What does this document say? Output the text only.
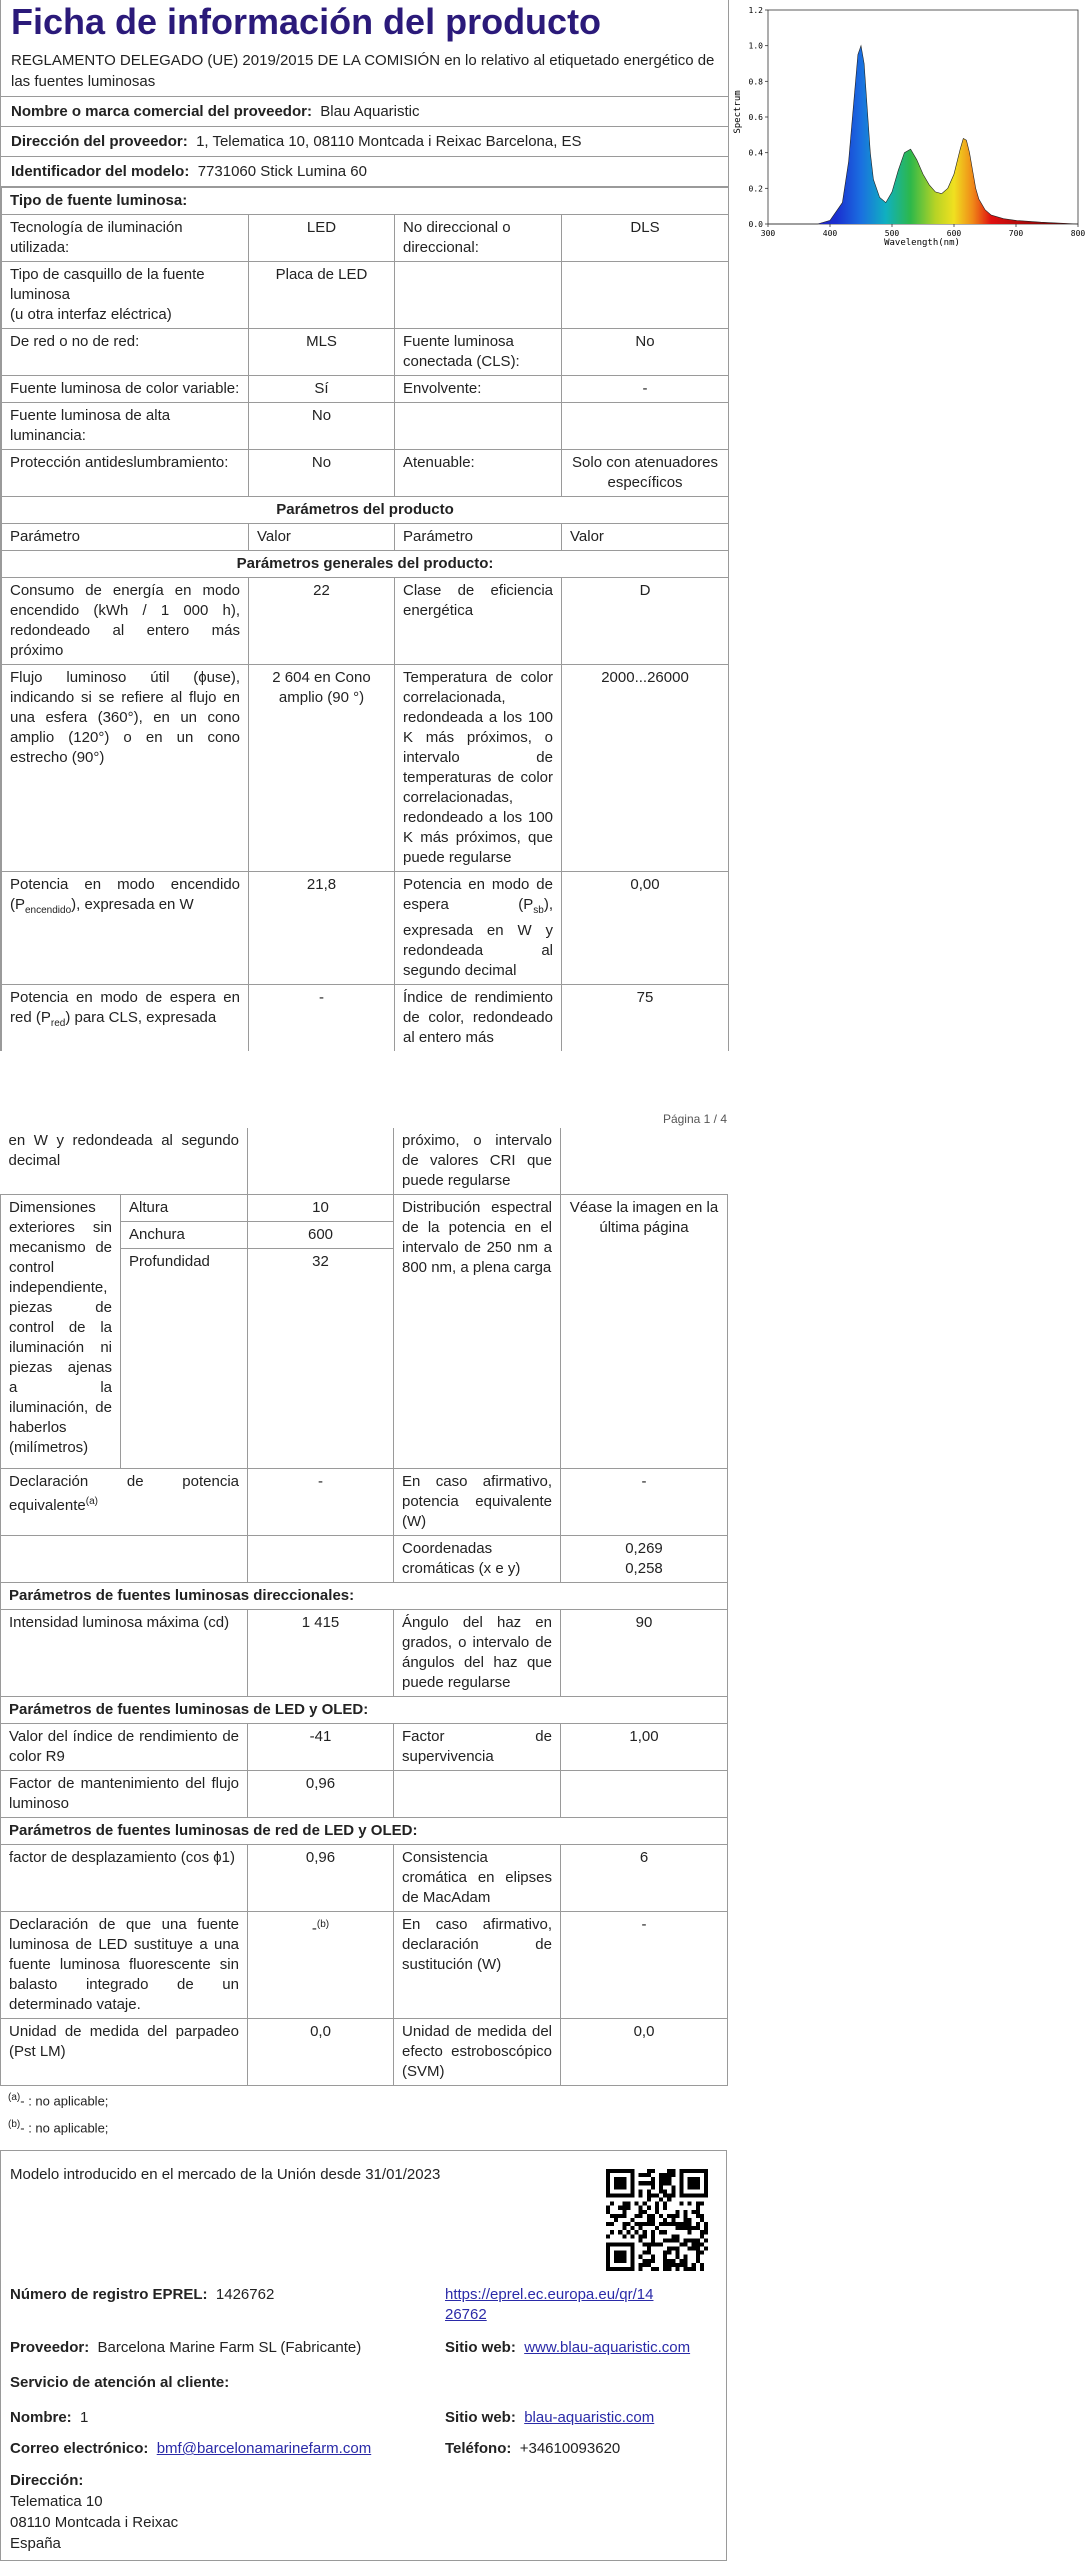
Ficha de información del producto
REGLAMENTO DELEGADO (UE) 2019/2015 DE LA COMISIÓN en lo relativo al etiquetado energético de las fuentes luminosas
Nombre o marca comercial del proveedor: Blau Aquaristic
Dirección del proveedor: 1, Telematica 10, 08110 Montcada i Reixac Barcelona, ES
Identificador del modelo: 7731060 Stick Lumina 60
Tipo de fuente luminosa:			
Tecnología de iluminación utilizada:	LED	No direccional o direccional:	DLS
Tipo de casquillo de la fuente luminosa
(u otra interfaz eléctrica)	Placa de LED		
De red o no de red:	MLS	Fuente luminosa conectada (CLS):	No
Fuente luminosa de color variable:	Sí	Envolvente:	-
Fuente luminosa de alta luminancia:	No		
Protección antideslumbramiento:	No	Atenuable:	Solo con atenuadores específicos
Parámetros del producto			
Parámetro	Valor	Parámetro	Valor
Parámetros generales del producto:			
Consumo de energía en modo encendido (kWh / 1 000 h), redondeado al entero más próximo	22	Clase de eficiencia energética	D
Flujo luminoso útil (ϕuse), indicando si se refiere al flujo en una esfera (360°), en un cono amplio (120°) o en un cono estrecho (90°)	2 604 en Cono amplio (90 °)	Temperatura de color correlacionada, redondeada a los 100 K más próximos, o intervalo de temperaturas de color correlacionadas, redondeado a los 100 K más próximos, que puede regularse	2000...26000
Potencia en modo encendido $(P_{encendido})$, expresada en W	21,8	Potencia en modo de espera $(P_{sb})$, expresada en W y redondeada al segundo decimal	0,00
Potencia en modo de espera en red $(P_{red})$ para CLS, expresada	-	Índice de rendimiento de color, redondeado al entero más	75
Página 1 / 4
en W y redondeada al segundo decimal			próximo, o intervalo de valores CRI que puede regularse	
Dimensiones exteriores sin mecanismo de control independiente, piezas de control de la iluminación ni piezas ajenas a la iluminación, de haberlos (milímetros)	Altura	10	Distribución espectral de la potencia en el intervalo de 250 nm a 800 nm, a plena carga	Véase la imagen en la última página
	Anchura	600		
	Profundidad	32		
Declaración de potencia equivalente$^{(a)}$		-	En caso afirmativo, potencia equivalente (W)	-
			Coordenadas cromáticas (x e y)	0,269
0,258
Parámetros de fuentes luminosas direccionales:				
Intensidad luminosa máxima (cd)		1 415	Ángulo del haz en grados, o intervalo de ángulos del haz que puede regularse	90
Parámetros de fuentes luminosas de LED y OLED:				
Valor del índice de rendimiento de color R9		-41	Factor de supervivencia	1,00
Factor de mantenimiento del flujo luminoso		0,96		
Parámetros de fuentes luminosas de red de LED y OLED:				
factor de desplazamiento (cos ϕ1)		0,96	Consistencia cromática en elipses de MacAdam	6
Declaración de que una fuente luminosa de LED sustituye a una fuente luminosa fluorescente sin balasto integrado de un determinado vataje.		-$^{(b)}$	En caso afirmativo, declaración de sustitución (W)	-
Unidad de medida del parpadeo (Pst LM)		0,0	Unidad de medida del efecto estroboscópico (SVM)	0,0
$^{(a)}$- : no aplicable;
$^{(b)}$- : no aplicable;
Modelo introducido en el mercado de la Unión desde 31/01/2023
Número de registro EPREL: 1426762	https://eprel.ec.europa.eu/qr/14
26762
Proveedor: Barcelona Marine Farm SL (Fabricante)	Sitio web: www.blau-aquaristic.com
Servicio de atención al cliente:
Nombre: 1	Sitio web: blau-aquaristic.com
Correo electrónico: bmf@barcelonamarinefarm.com	Teléfono: +34610093620
Dirección:
Telematica 10
08110 Montcada i Reixac
España
300	400	500	600	700	800
0.0
0.2
0.4
0.6
0.8
1.0
1.2
Wavelength(nm)
Spectrum
